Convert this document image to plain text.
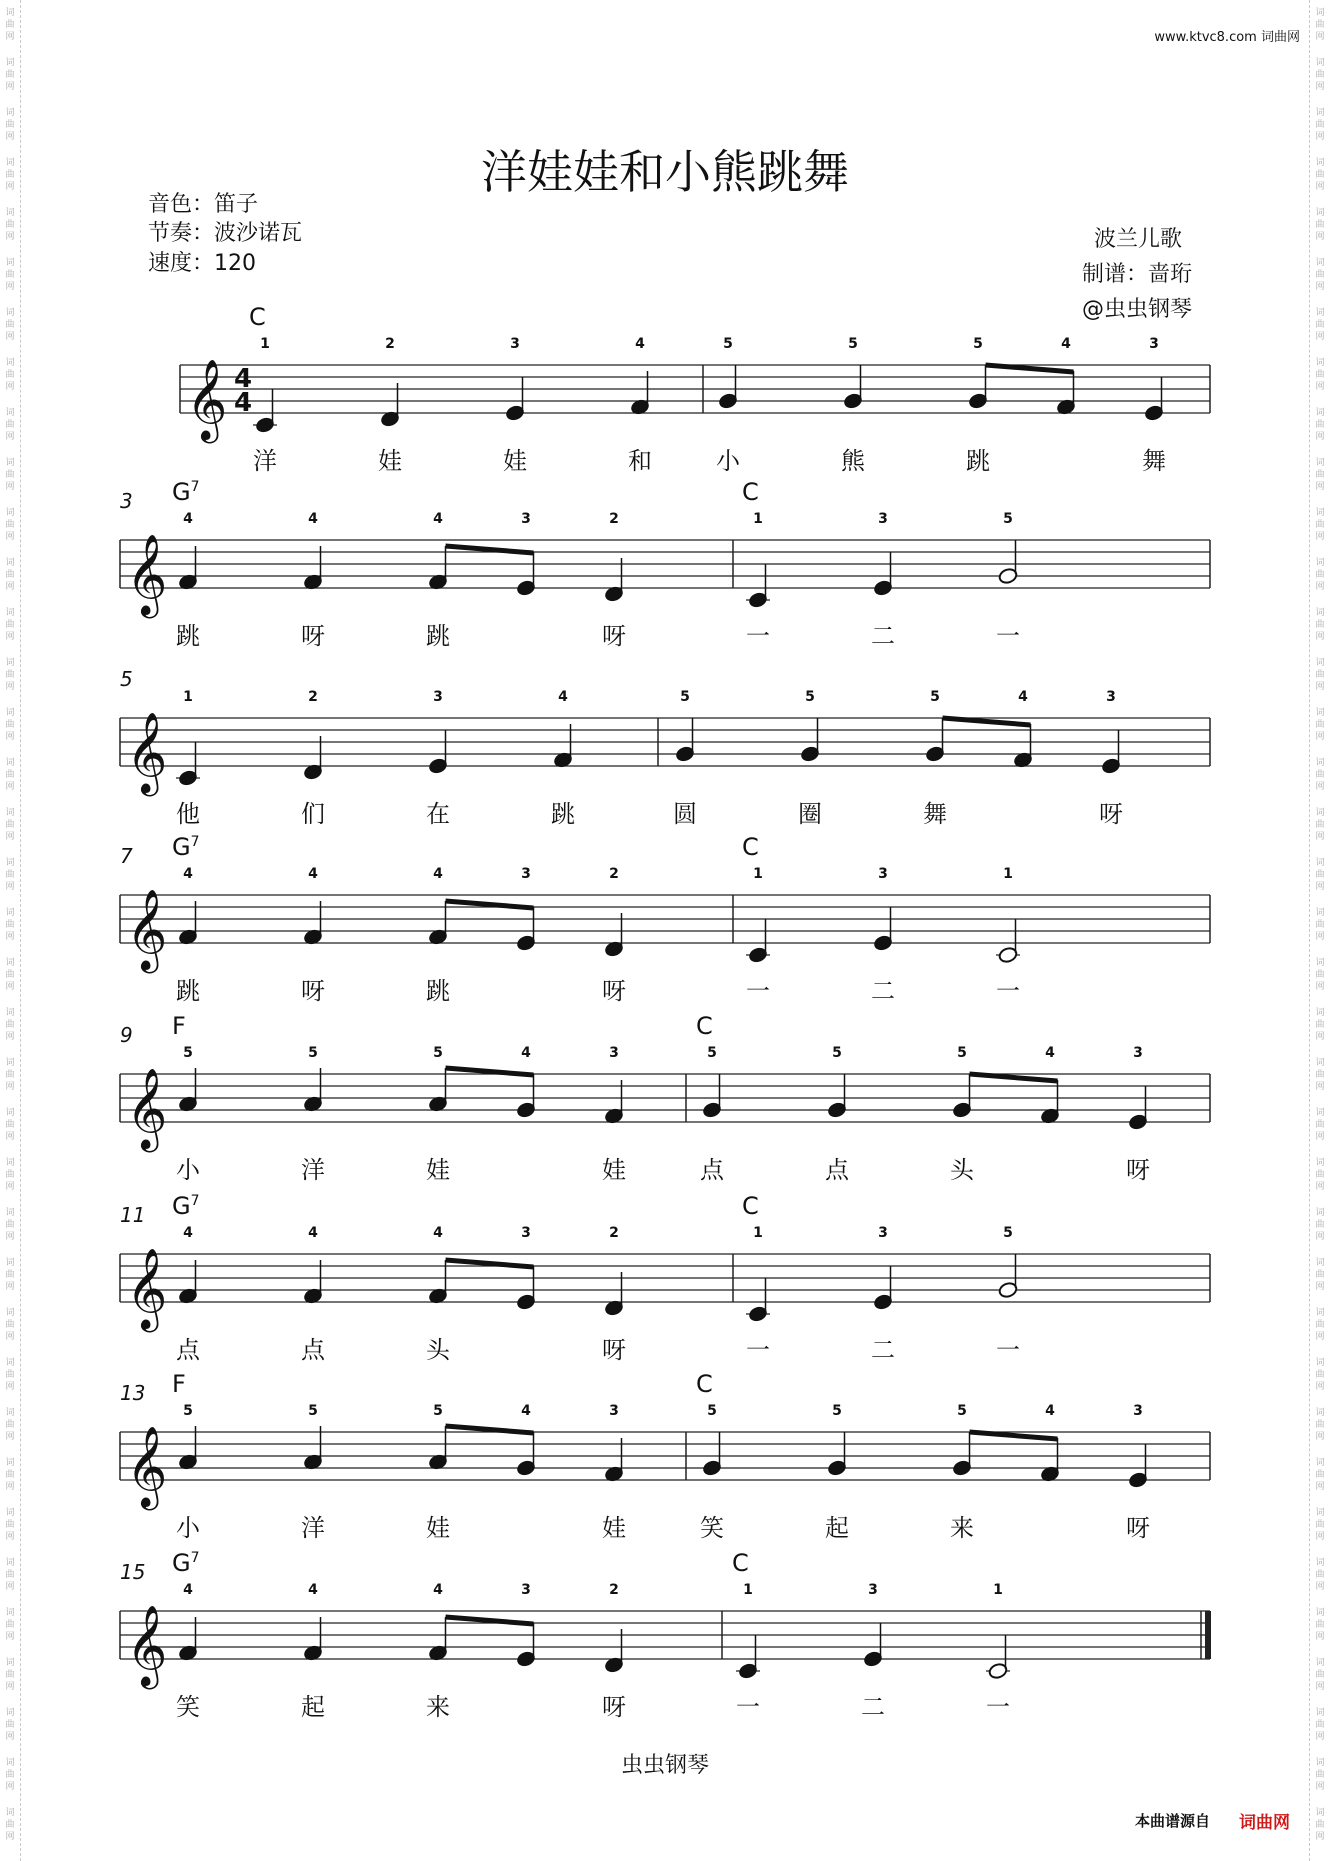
词
曲
网
词
曲
网
词
曲
网
词
曲
网
词
曲
网
词
曲
网
词
曲
网
词
曲
网
词
曲
网
词
曲
网
词
曲
网
词
曲
网
词
曲
网
词
曲
网
词
曲
网
词
曲
网
词
曲
网
词
曲
网
词
曲
网
词
曲
网
词
曲
网
词
曲
网
词
曲
网
词
曲
网
词
曲
网
词
曲
网
词
曲
网
词
曲
网
词
曲
网
词
曲
网
词
曲
网
词
曲
网
词
曲
网
词
曲
网
词
曲
网
词
曲
网
词
曲
网
词
曲
网
词
曲
网
词
曲
网
词
曲
网
词
曲
网
词
曲
网
词
曲
网
词
曲
网
词
曲
网
词
曲
网
词
曲
网
词
曲
网
词
曲
网
词
曲
网
词
曲
网
词
曲
网
词
曲
网
词
曲
网
词
曲
网
词
曲
网
词
曲
网
词
曲
网
词
曲
网
词
曲
网
词
曲
网
词
曲
网
词
曲
网
词
曲
网
词
曲
网
词
曲
网
词
曲
网
词
曲
网
词
曲
网
词
曲
网
词
曲
网
词
曲
网
词
曲
网
www.ktvc8.com 词曲网
洋娃娃和小熊跳舞
音色：笛子
节奏：波沙诺瓦
速度：120
波兰儿歌
制谱：啬珩
@虫虫钢琴
𝄞 4
4
C
1
洋
2
娃
3
娃
4
和
5
小
5
熊
5
跳
4	3
舞
𝄞
3 $G^7$
4
跳
4
呀
4
跳
3	2
呀
C
1
一
3
二
5
一
𝄞
5
1
他
2
们
3
在
4
跳
5
圆
5
圈
5
舞
4	3
呀
𝄞
7 $G^7$
4
跳
4
呀
4
跳
3	2
呀
C
1
一
3
二
1
一
𝄞
9 F
5
小
5
洋
5
娃
4	3
娃
C
5
点
5
点
5
头
4	3
呀
𝄞
11 $G^7$
4
点
4
点
4
头
3	2
呀
C
1
一
3
二
5
一
𝄞
13 F
5
小
5
洋
5
娃
4	3
娃
C
5
笑
5
起
5
来
4	3
呀
𝄞
15 $G^7$
4
笑
4
起
4
来
3	2
呀
C
1
一
3
二
1
一
虫虫钢琴
本曲谱源自 词曲网
